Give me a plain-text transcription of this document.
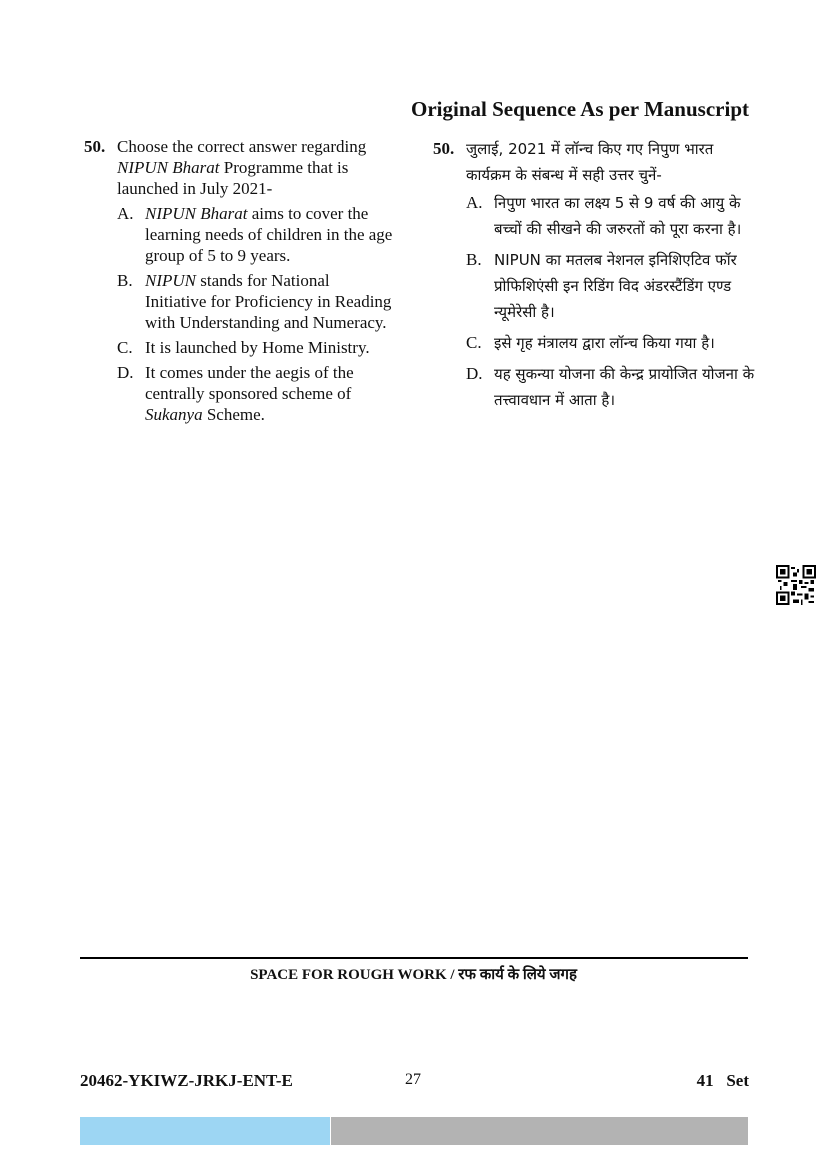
Original Sequence As per Manuscript
50. Choose the correct answer regarding NIPUN Bharat Programme that is launched in July 2021-
A. NIPUN Bharat aims to cover the learning needs of children in the age group of 5 to 9 years.
B. NIPUN stands for National Initiative for Proficiency in Reading with Understanding and Numeracy.
C. It is launched by Home Ministry.
D. It comes under the aegis of the centrally sponsored scheme of Sukanya Scheme.
50. जुलाई, 2021 में लॉन्च किए गए निपुण भारत कार्यक्रम के संबन्ध में सही उत्तर चुनें-
A. निपुण भारत का लक्ष्य 5 से 9 वर्ष की आयु के बच्चों की सीखने की जरुरतों को पूरा करना है।
B. NIPUN का मतलब नेशनल इनिशिएटिव फॉर प्रोफिशिएंसी इन रिडिंग विद अंडरस्टैंडिंग एण्ड न्यूमेरेसी है।
C. इसे गृह मंत्रालय द्वारा लॉन्च किया गया है।
D. यह सुकन्या योजना की केन्द्र प्रायोजित योजना के तत्त्वावधान में आता है।
SPACE FOR ROUGH WORK / रफ कार्य के लिये जगह
20462-YKIWZ-JRKJ-ENT-E	27	41   Set
